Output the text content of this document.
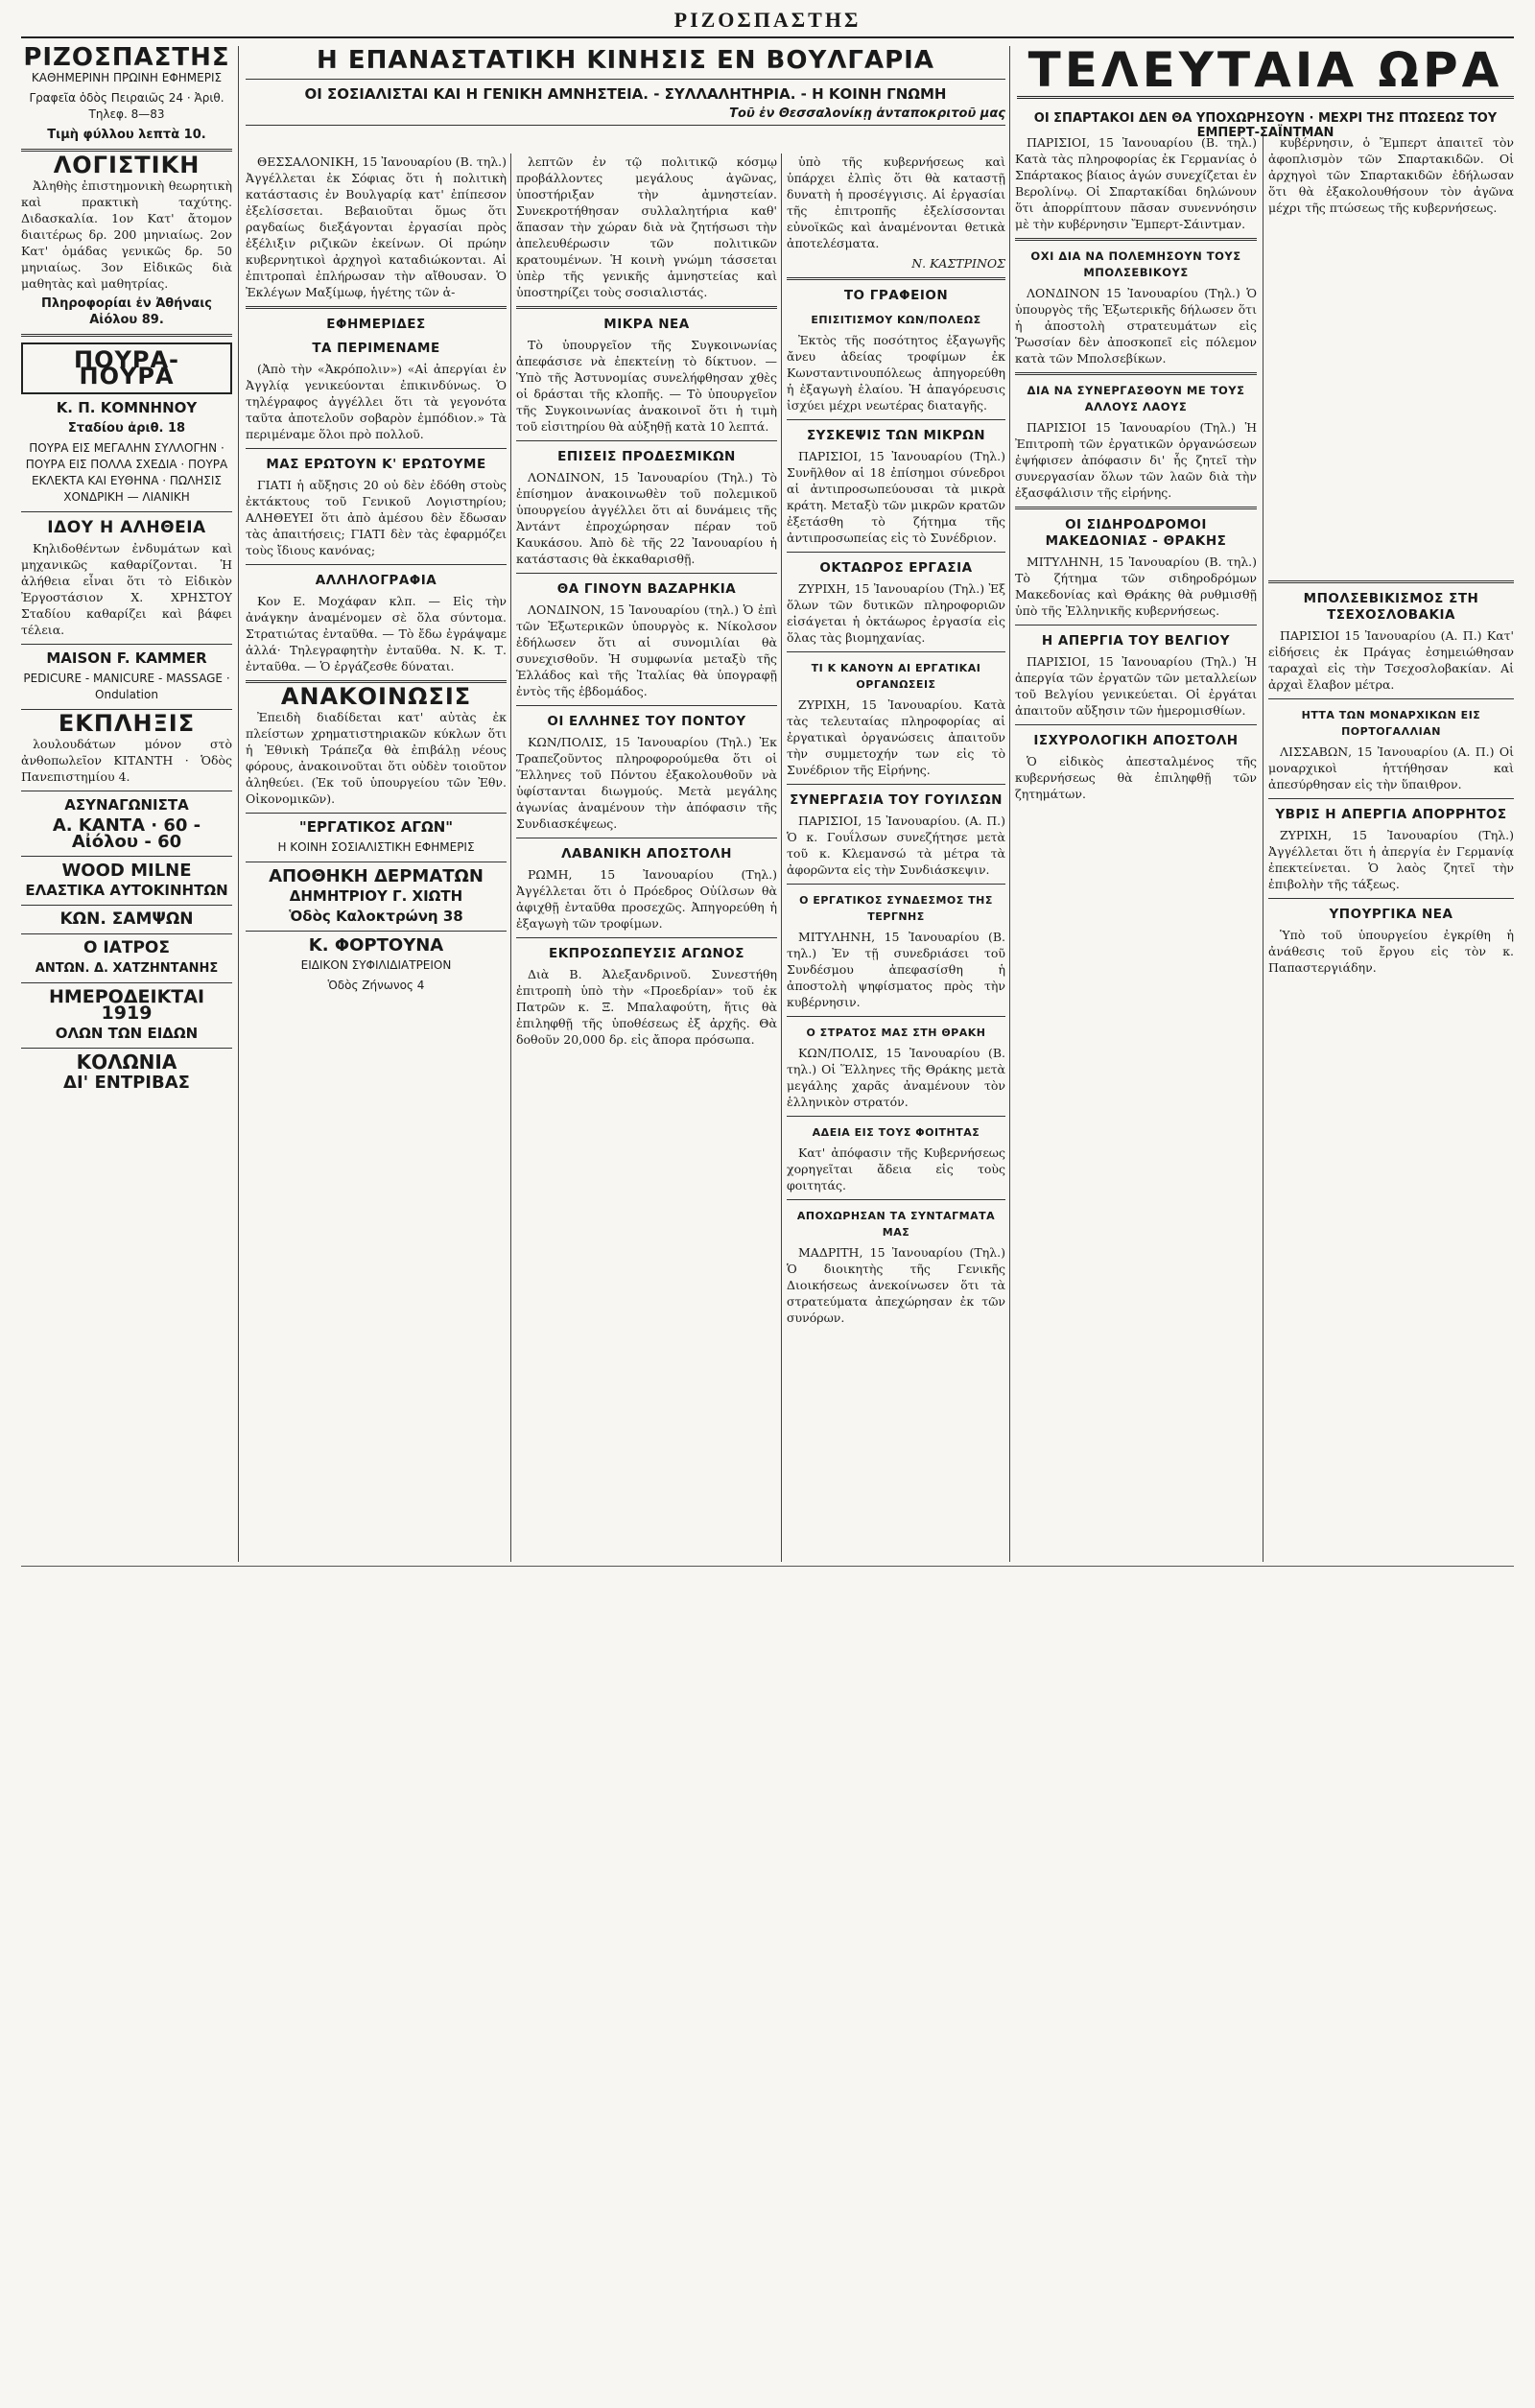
ΡΙΖΟΣΠΑΣΤΗΣ
ΡΙΖΟΣΠΑΣΤΗΣ
ΚΑΘΗΜΕΡΙΝΗ ΠΡΩΙΝΗ ΕΦΗΜΕΡΙΣ
Γραφεῖα ὁδὸς Πειραιῶς 24 · Ἀριθ. Τηλεφ. 8—83
Τιμὴ φύλλου λεπτὰ 10.
ΛΟΓΙΣΤΙΚΗ

Ἀληθὴς ἐπιστημονικὴ θεωρητικὴ καὶ πρακτικὴ ταχύτης. Διδασκαλία. 1ον Κατ' ἄτομον διαιτέρως δρ. 200 μηνιαίως. 2ον Κατ' ὁμάδας γενικῶς δρ. 50 μηνιαίως. 3ον Εἰδικῶς διὰ μαθητὰς καὶ μαθητρίας.

Πληροφορίαι ἐν Ἀθήναις Αἰόλου 89.
ΠΟΥΡΑ-ΠΟΥΡΑ
Κ. Π. ΚΟΜΝΗΝΟΥ
Σταδίου ἀριθ. 18
ΠΟΥΡΑ ΕΙΣ ΜΕΓΑΛΗΝ ΣΥΛΛΟΓΗΝ · ΠΟΥΡΑ ΕΙΣ ΠΟΛΛΑ ΣΧΕΔΙΑ · ΠΟΥΡΑ ΕΚΛΕΚΤΑ ΚΑΙ ΕΥΘΗΝΑ · ΠΩΛΗΣΙΣ ΧΟΝΔΡΙΚΗ — ΛΙΑΝΙΚΗ
ΙΔΟΥ Η ΑΛΗΘΕΙΑ

Κηλιδοθέντων ἐνδυμάτων καὶ μηχανικῶς καθαρίζονται. Ἡ ἀλήθεια εἶναι ὅτι τὸ Εἰδικὸν Ἐργοστάσιον Χ. ΧΡΗΣΤΟΥ Σταδίου καθαρίζει καὶ βάφει τέλεια.

MAISON F. KAMMER
PEDICURE - MANICURE - MASSAGE · Ondulation
ΕΚΠΛΗΞΙΣ

λουλουδάτων μόνον στὸ ἀνθοπωλεῖον ΚΙΤΑΝΤΗ · Ὁδὸς Πανεπιστημίου 4.

ΑΣΥΝΑΓΩΝΙΣΤΑ
Α. ΚΑΝΤΑ · 60 - Αἰόλου - 60
WOOD MILNE
ΕΛΑΣΤΙΚΑ ΑΥΤΟΚΙΝΗΤΩΝ
ΚΩΝ. ΣΑΜΨΩΝ
Ο ΙΑΤΡΟΣ
ΑΝΤΩΝ. Δ. ΧΑΤΖΗΝΤΑΝΗΣ
ΗΜΕΡΟΔΕΙΚΤΑΙ 1919
ΟΛΩΝ ΤΩΝ ΕΙΔΩΝ
ΚΟΛΩΝΙΑ
ΔΙ' ΕΝΤΡΙΒΑΣ
Η ΕΠΑΝΑΣΤΑΤΙΚΗ ΚΙΝΗΣΙΣ ΕΝ ΒΟΥΛΓΑΡΙΑ
ΟΙ ΣΟΣΙΑΛΙΣΤΑΙ ΚΑΙ Η ΓΕΝΙΚΗ ΑΜΝΗΣΤΕΙΑ. - ΣΥΛΛΑΛΗΤΗΡΙΑ. - Η ΚΟΙΝΗ ΓΝΩΜΗ
Τοῦ ἐν Θεσσαλονίκῃ ἀνταποκριτοῦ μας

ΘΕΣΣΑΛΟΝΙΚΗ, 15 Ἰανουαρίου (Β. τηλ.) Ἀγγέλλεται ἐκ Σόφιας ὅτι ἡ πολιτικὴ κατάστασις ἐν Βουλγαρίᾳ κατ' ἐπίπεσον ἐξελίσσεται. Βεβαιοῦται ὅμως ὅτι ραγδαίως διεξάγονται ἐργασίαι πρὸς ἐξέλιξιν ριζικῶν ἐκείνων. Οἱ πρώην κυβερνητικοὶ ἀρχηγοὶ καταδιώκονται. Αἱ ἐπιτροπαὶ ἐπλήρωσαν τὴν αἴθουσαν. Ὁ Ἐκλέγων Μαξίμωφ, ἡγέτης τῶν ἀ-

ΕΦΗΜΕΡΙΔΕΣ
ΤΑ ΠΕΡΙΜΕΝΑΜΕ

(Ἀπὸ τὴν «Ἀκρόπολιν») «Αἱ ἀπεργίαι ἐν Ἀγγλίᾳ γενικεύονται ἐπικινδύνως. Ὁ τηλέγραφος ἀγγέλλει ὅτι τὰ γεγονότα ταῦτα ἀποτελοῦν σοβαρὸν ἐμπόδιον.» Τὰ περιμέναμε ὅλοι πρὸ πολλοῦ.

ΜΑΣ ΕΡΩΤΟΥΝ Κ' ΕΡΩΤΟΥΜΕ

ΓΙΑΤΙ ἡ αὔξησις 20 οὐ δὲν ἐδόθη στοὺς ἐκτάκτους τοῦ Γενικοῦ Λογιστηρίου; ΑΛΗΘΕΥΕΙ ὅτι ἀπὸ ἀμέσου δὲν ἔδωσαν τὰς ἀπαιτήσεις; ΓΙΑΤΙ δὲν τὰς ἐφαρμόζει τοὺς ἴδιους κανόνας;

ΑΛΛΗΛΟΓΡΑΦΙΑ

Κον Ε. Μοχάφαν κλπ. — Εἰς τὴν ἀνάγκην ἀναμένομεν σὲ ὅλα σύντομα. Στρατιώτας ἐνταῦθα. — Τὸ ἔδω ἐγράψαμε ἀλλά· Τηλεγραφητὴν ἐνταῦθα. Ν. Κ. Τ. ἐνταῦθα. — Ὁ ἐργάζεσθε δύναται.

ΑΝΑΚΟΙΝΩΣΙΣ

Ἐπειδὴ διαδίδεται κατ' αὐτὰς ἐκ πλείστων χρηματιστηριακῶν κύκλων ὅτι ἡ Ἐθνικὴ Τράπεζα θὰ ἐπιβάλῃ νέους φόρους, ἀνακοινοῦται ὅτι οὐδὲν τοιοῦτον ἀληθεύει. (Ἐκ τοῦ ὑπουργείου τῶν Ἐθν. Οἰκονομικῶν).

"ΕΡΓΑΤΙΚΟΣ ΑΓΩΝ"
Η ΚΟΙΝΗ ΣΟΣΙΑΛΙΣΤΙΚΗ ΕΦΗΜΕΡΙΣ
ΑΠΟΘΗΚΗ ΔΕΡΜΑΤΩΝ
ΔΗΜΗΤΡΙΟΥ Γ. ΧΙΩΤΗ
Ὁδὸς Καλοκτρώνη 38
Κ. ΦΟΡΤΟΥΝΑ
ΕΙΔΙΚΟΝ ΣΥΦΙΛΙΔΙΑΤΡΕΙΟΝ
Ὁδὸς Ζήνωνος 4

λεπτῶν ἐν τῷ πολιτικῷ κόσμῳ προβάλλοντες μεγάλους ἀγῶνας, ὑποστήριξαν τὴν ἀμνηστείαν. Συνεκροτήθησαν συλλαλητήρια καθ' ἅπασαν τὴν χώραν διὰ νὰ ζητήσωσι τὴν ἀπελευθέρωσιν τῶν πολιτικῶν κρατουμένων. Ἡ κοινὴ γνώμη τάσσεται ὑπὲρ τῆς γενικῆς ἀμνηστείας καὶ ὑποστηρίζει τοὺς σοσιαλιστάς.

ΜΙΚΡΑ ΝΕΑ

Τὸ ὑπουργεῖον τῆς Συγκοινωνίας ἀπεφάσισε νὰ ἐπεκτείνῃ τὸ δίκτυον. — Ὑπὸ τῆς Ἀστυνομίας συνελήφθησαν χθὲς οἱ δράσται τῆς κλοπῆς. — Τὸ ὑπουργεῖον τῆς Συγκοινωνίας ἀνακοινοῖ ὅτι ἡ τιμὴ τοῦ εἰσιτηρίου θὰ αὐξηθῇ κατὰ 10 λεπτά.

ΕΠΙΣΕΙΣ ΠΡΟΔΕΣΜΙΚΩΝ

ΛΟΝΔΙΝΟΝ, 15 Ἰανουαρίου (Τηλ.) Τὸ ἐπίσημον ἀνακοινωθὲν τοῦ πολεμικοῦ ὑπουργείου ἀγγέλλει ὅτι αἱ δυνάμεις τῆς Ἀντάντ ἐπροχώρησαν πέραν τοῦ Καυκάσου. Ἀπὸ δὲ τῆς 22 Ἰανουαρίου ἡ κατάστασις θὰ ἐκκαθαρισθῇ.

ΘΑ ΓΙΝΟΥΝ ΒΑΖΑΡΗΚΙΑ

ΛΟΝΔΙΝΟΝ, 15 Ἰανουαρίου (τηλ.) Ὁ ἐπὶ τῶν Ἐξωτερικῶν ὑπουργὸς κ. Νίκολσον ἐδήλωσεν ὅτι αἱ συνομιλίαι θὰ συνεχισθοῦν. Ἡ συμφωνία μεταξὺ τῆς Ἑλλάδος καὶ τῆς Ἰταλίας θὰ ὑπογραφῇ ἐντὸς τῆς ἑβδομάδος.

ΟΙ ΕΛΛΗΝΕΣ ΤΟΥ ΠΟΝΤΟΥ

ΚΩΝ/ΠΟΛΙΣ, 15 Ἰανουαρίου (Τηλ.) Ἐκ Τραπεζοῦντος πληροφορούμεθα ὅτι οἱ Ἕλληνες τοῦ Πόντου ἐξακολουθοῦν νὰ ὑφίστανται διωγμούς. Μετὰ μεγάλης ἀγωνίας ἀναμένουν τὴν ἀπόφασιν τῆς Συνδιασκέψεως.

ΛΑΒΑΝΙΚΗ ΑΠΟΣΤΟΛΗ

ΡΩΜΗ, 15 Ἰανουαρίου (Τηλ.) Ἀγγέλλεται ὅτι ὁ Πρόεδρος Οὐίλσων θὰ ἀφιχθῇ ἐνταῦθα προσεχῶς. Ἀπηγορεύθη ἡ ἐξαγωγὴ τῶν τροφίμων.

ΕΚΠΡΟΣΩΠΕΥΣΙΣ ΑΓΩΝΟΣ

Διὰ Β. Ἀλεξανδρινοῦ. Συνεστήθη ἐπιτροπὴ ὑπὸ τὴν «Προεδρίαν» τοῦ ἐκ Πατρῶν κ. Ξ. Μπαλαφούτη, ἥτις θὰ ἐπιληφθῇ τῆς ὑποθέσεως ἐξ ἀρχῆς. Θὰ δοθοῦν 20,000 δρ. εἰς ἄπορα πρόσωπα.

ὑπὸ τῆς κυβερνήσεως καὶ ὑπάρχει ἐλπὶς ὅτι θὰ καταστῇ δυνατὴ ἡ προσέγγισις. Αἱ ἐργασίαι τῆς ἐπιτροπῆς ἐξελίσσονται εὐνοϊκῶς καὶ ἀναμένονται θετικὰ ἀποτελέσματα.

Ν. ΚΑΣΤΡΙΝΟΣ
ΤΟ ΓΡΑΦΕΙΟΝ
ΕΠΙΣΙΤΙΣΜΟΥ ΚΩΝ/ΠΟΛΕΩΣ

Ἐκτὸς τῆς ποσότητος ἐξαγωγῆς ἄνευ ἀδείας τροφίμων ἐκ Κωνσταντινουπόλεως ἀπηγορεύθη ἡ ἐξαγωγὴ ἐλαίου. Ἡ ἀπαγόρευσις ἰσχύει μέχρι νεωτέρας διαταγῆς.

ΣΥΣΚΕΨΙΣ ΤΩΝ ΜΙΚΡΩΝ

ΠΑΡΙΣΙΟΙ, 15 Ἰανουαρίου (Τηλ.) Συνῆλθον αἱ 18 ἐπίσημοι σύνεδροι αἱ ἀντιπροσωπεύουσαι τὰ μικρὰ κράτη. Μεταξὺ τῶν μικρῶν κρατῶν ἐξετάσθη τὸ ζήτημα τῆς ἀντιπροσωπείας εἰς τὸ Συνέδριον.

ΟΚΤΑΩΡΟΣ ΕΡΓΑΣΙΑ

ΖΥΡΙΧΗ, 15 Ἰανουαρίου (Τηλ.) Ἐξ ὅλων τῶν δυτικῶν πληροφοριῶν εἰσάγεται ἡ ὀκτάωρος ἐργασία εἰς ὅλας τὰς βιομηχανίας.

ΤΙ Κ ΚΑΝΟΥΝ ΑΙ ΕΡΓΑΤΙΚΑΙ ΟΡΓΑΝΩΣΕΙΣ

ΖΥΡΙΧΗ, 15 Ἰανουαρίου. Κατὰ τὰς τελευταίας πληροφορίας αἱ ἐργατικαὶ ὀργανώσεις ἀπαιτοῦν τὴν συμμετοχήν των εἰς τὸ Συνέδριον τῆς Εἰρήνης.

ΣΥΝΕΡΓΑΣΙΑ ΤΟΥ ΓΟΥΙΛΣΩΝ

ΠΑΡΙΣΙΟΙ, 15 Ἰανουαρίου. (Α. Π.) Ὁ κ. Γουΐλσων συνεζήτησε μετὰ τοῦ κ. Κλεμανσώ τὰ μέτρα τὰ ἀφορῶντα εἰς τὴν Συνδιάσκεψιν.

Ο ΕΡΓΑΤΙΚΟΣ ΣΥΝΔΕΣΜΟΣ ΤΗΣ ΤΕΡΓΝΗΣ

ΜΙΤΥΛΗΝΗ, 15 Ἰανουαρίου (Β. τηλ.) Ἐν τῇ συνεδριάσει τοῦ Συνδέσμου ἀπεφασίσθη ἡ ἀποστολὴ ψηφίσματος πρὸς τὴν κυβέρνησιν.

Ο ΣΤΡΑΤΟΣ ΜΑΣ ΣΤΗ ΘΡΑΚΗ

ΚΩΝ/ΠΟΛΙΣ, 15 Ἰανουαρίου (Β. τηλ.) Οἱ Ἕλληνες τῆς Θράκης μετὰ μεγάλης χαρᾶς ἀναμένουν τὸν ἑλληνικὸν στρατόν.

ΑΔΕΙΑ ΕΙΣ ΤΟΥΣ ΦΟΙΤΗΤΑΣ

Κατ' ἀπόφασιν τῆς Κυβερνήσεως χορηγεῖται ἄδεια εἰς τοὺς φοιτητάς.

ΑΠΟΧΩΡΗΣΑΝ ΤΑ ΣΥΝΤΑΓΜΑΤΑ ΜΑΣ

ΜΑΔΡΙΤΗ, 15 Ἰανουαρίου (Τηλ.) Ὁ διοικητὴς τῆς Γενικῆς Διοικήσεως ἀνεκοίνωσεν ὅτι τὰ στρατεύματα ἀπεχώρησαν ἐκ τῶν συνόρων.

ΤΕΛΕΥΤΑΙΑ ΩΡΑ
ΟΙ ΣΠΑΡΤΑΚΟΙ ΔΕΝ ΘΑ ΥΠΟΧΩΡΗΣΟΥΝ · ΜΕΧΡΙ ΤΗΣ ΠΤΩΣΕΩΣ ΤΟΥ ΕΜΠΕΡΤ-ΣΑΪΝΤΜΑΝ

ΠΑΡΙΣΙΟΙ, 15 Ἰανουαρίου (Β. τηλ.) Κατὰ τὰς πληροφορίας ἐκ Γερμανίας ὁ Σπάρτακος βίαιος ἀγών συνεχίζεται ἐν Βερολίνῳ. Οἱ Σπαρτακίδαι δηλώνουν ὅτι ἀπορρίπτουν πᾶσαν συνεννόησιν μὲ τὴν κυβέρνησιν Ἔμπερτ-Σάιντμαν.

ΟΧΙ ΔΙΑ ΝΑ ΠΟΛΕΜΗΣΟΥΝ ΤΟΥΣ ΜΠΟΛΣΕΒΙΚΟΥΣ

ΛΟΝΔΙΝΟΝ 15 Ἰανουαρίου (Τηλ.) Ὁ ὑπουργὸς τῆς Ἐξωτερικῆς δήλωσεν ὅτι ἡ ἀποστολὴ στρατευμάτων εἰς Ῥωσσίαν δὲν ἀποσκοπεῖ εἰς πόλεμον κατὰ τῶν Μπολσεβίκων.

ΔΙΑ ΝΑ ΣΥΝΕΡΓΑΣΘΟΥΝ ΜΕ ΤΟΥΣ ΑΛΛΟΥΣ ΛΑΟΥΣ

ΠΑΡΙΣΙΟΙ 15 Ἰανουαρίου (Τηλ.) Ἡ Ἐπιτροπὴ τῶν ἐργατικῶν ὀργανώσεων ἐψήφισεν ἀπόφασιν δι' ἧς ζητεῖ τὴν συνεργασίαν ὅλων τῶν λαῶν διὰ τὴν ἐξασφάλισιν τῆς εἰρήνης.

ΟΙ ΣΙΔΗΡΟΔΡΟΜΟΙ ΜΑΚΕΔΟΝΙΑΣ - ΘΡΑΚΗΣ

ΜΙΤΥΛΗΝΗ, 15 Ἰανουαρίου (Β. τηλ.) Τὸ ζήτημα τῶν σιδηροδρόμων Μακεδονίας καὶ Θράκης θὰ ρυθμισθῇ ὑπὸ τῆς Ἑλληνικῆς κυβερνήσεως.

Η ΑΠΕΡΓΙΑ ΤΟΥ ΒΕΛΓΙΟΥ

ΠΑΡΙΣΙΟΙ, 15 Ἰανουαρίου (Τηλ.) Ἡ ἀπεργία τῶν ἐργατῶν τῶν μεταλλείων τοῦ Βελγίου γενικεύεται. Οἱ ἐργάται ἀπαιτοῦν αὔξησιν τῶν ἡμερομισθίων.

ΙΣΧΥΡΟΛΟΓΙΚΗ ΑΠΟΣΤΟΛΗ

Ὁ εἰδικὸς ἀπεσταλμένος τῆς κυβερνήσεως θὰ ἐπιληφθῇ τῶν ζητημάτων.

κυβέρνησιν, ὁ Ἔμπερτ ἀπαιτεῖ τὸν ἀφοπλισμὸν τῶν Σπαρτακιδῶν. Οἱ ἀρχηγοὶ τῶν Σπαρτακιδῶν ἐδήλωσαν ὅτι θὰ ἐξακολουθήσουν τὸν ἀγῶνα μέχρι τῆς πτώσεως τῆς κυβερνήσεως.

ΜΠΟΛΣΕΒΙΚΙΣΜΟΣ ΣΤΗ ΤΣΕΧΟΣΛΟΒΑΚΙΑ

ΠΑΡΙΣΙΟΙ 15 Ἰανουαρίου (Α. Π.) Κατ' εἰδήσεις ἐκ Πράγας ἐσημειώθησαν ταραχαὶ εἰς τὴν Τσεχοσλοβακίαν. Αἱ ἀρχαὶ ἔλαβον μέτρα.

ΗΤΤΑ ΤΩΝ ΜΟΝΑΡΧΙΚΩΝ ΕΙΣ ΠΟΡΤΟΓΑΛΛΙΑΝ

ΛΙΣΣΑΒΩΝ, 15 Ἰανουαρίου (Α. Π.) Οἱ μοναρχικοὶ ἡττήθησαν καὶ ἀπεσύρθησαν εἰς τὴν ὕπαιθρον.

ΥΒΡΙΣ Η ΑΠΕΡΓΙΑ ΑΠΟΡΡΗΤΟΣ

ΖΥΡΙΧΗ, 15 Ἰανουαρίου (Τηλ.) Ἀγγέλλεται ὅτι ἡ ἀπεργία ἐν Γερμανίᾳ ἐπεκτείνεται. Ὁ λαὸς ζητεῖ τὴν ἐπιβολὴν τῆς τάξεως.

ΥΠΟΥΡΓΙΚΑ ΝΕΑ

Ὑπὸ τοῦ ὑπουργείου ἐγκρίθη ἡ ἀνάθεσις τοῦ ἔργου εἰς τὸν κ. Παπαστεργιάδην.
